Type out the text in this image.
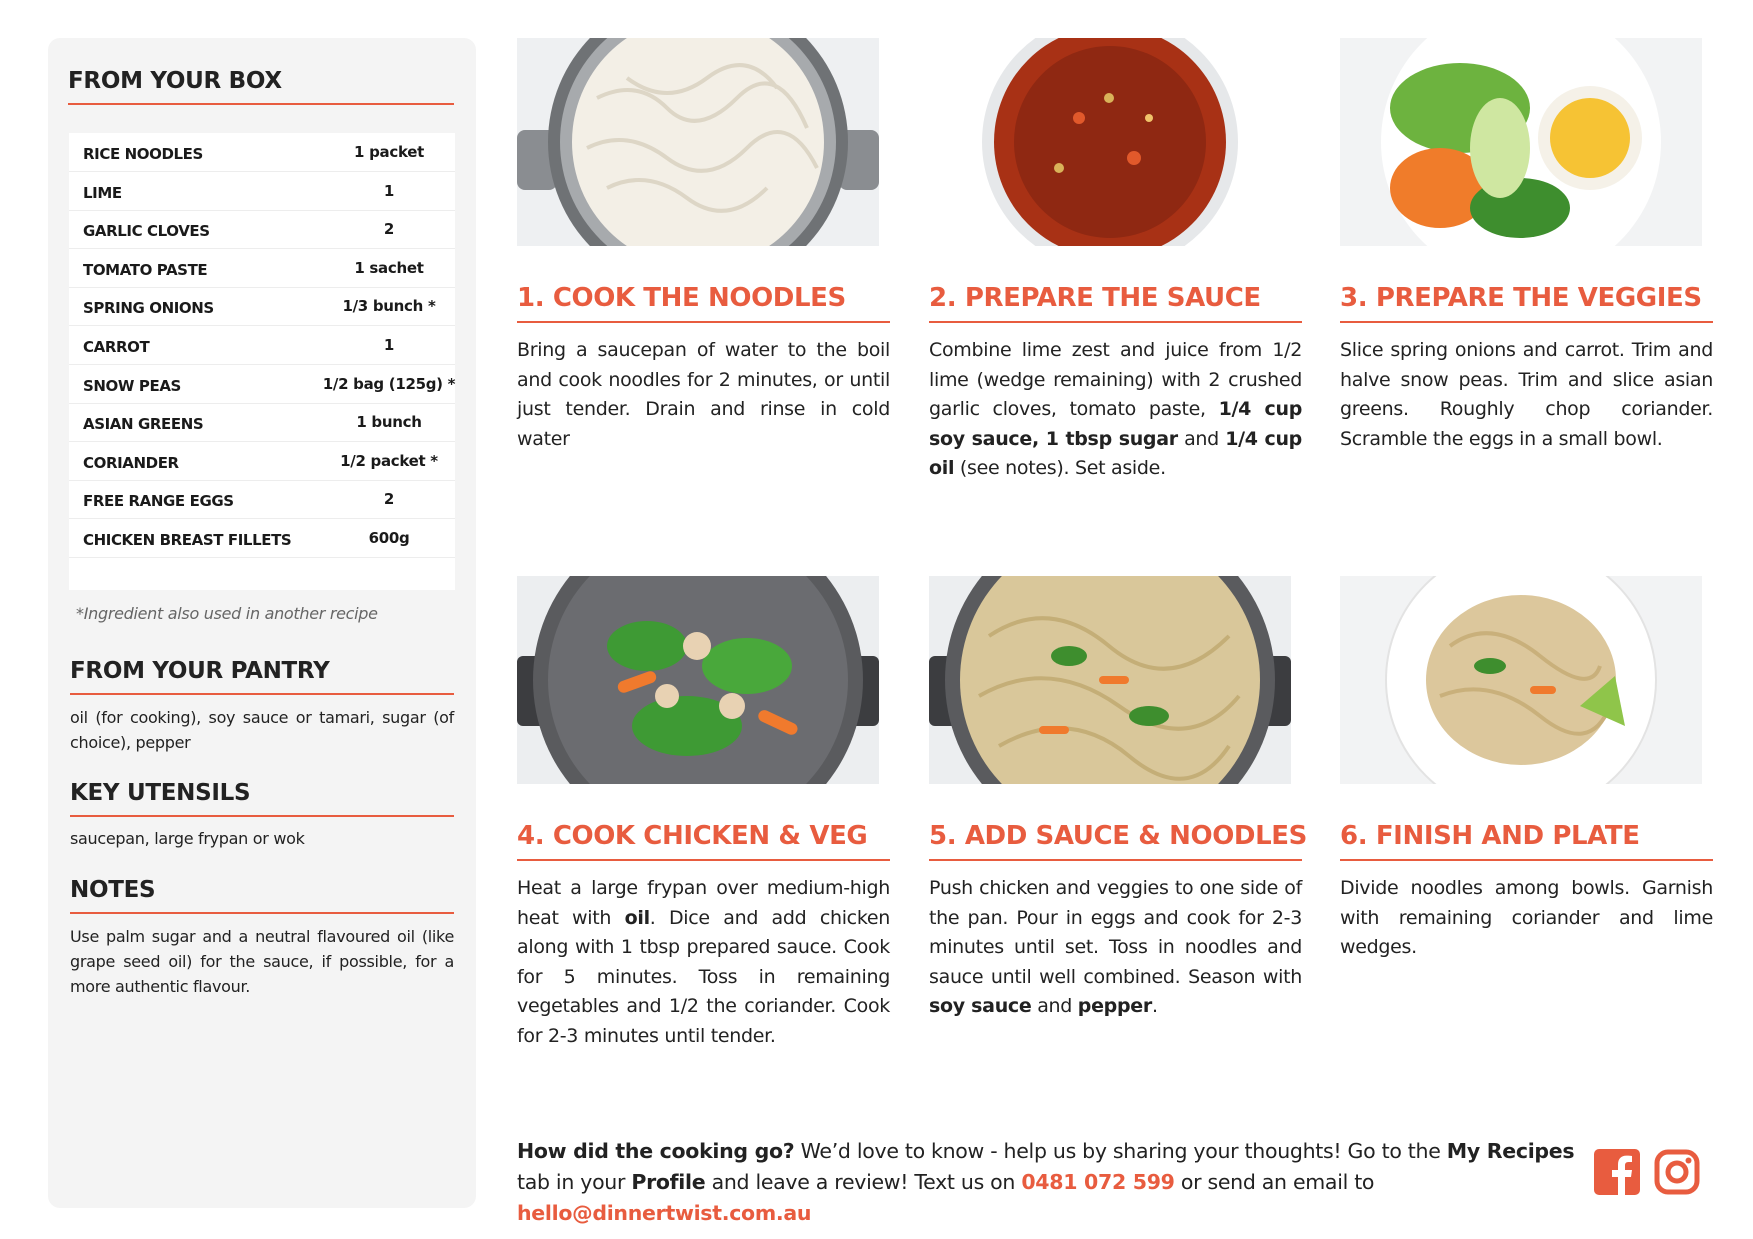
FROM YOUR BOX
RICE NOODLES	1 packet
LIME	1
GARLIC CLOVES	2
TOMATO PASTE	1 sachet
SPRING ONIONS	1/3 bunch *
CARROT	1
SNOW PEAS	1/2 bag (125g) *
ASIAN GREENS	1 bunch
CORIANDER	1/2 packet *
FREE RANGE EGGS	2
CHICKEN BREAST FILLETS	600g
*Ingredient also used in another recipe
FROM YOUR PANTRY
oil (for cooking), soy sauce or tamari, sugar (of choice), pepper
KEY UTENSILS
saucepan, large frypan or wok
NOTES
Use palm sugar and a neutral flavoured oil (like grape seed oil) for the sauce, if possible, for a more authentic flavour.
1. COOK THE NOODLES
Bring a saucepan of water to the boil and cook noodles for 2 minutes, or until just tender. Drain and rinse in cold water
2. PREPARE THE SAUCE
Combine lime zest and juice from 1/2 lime (wedge remaining) with 2 crushed garlic cloves, tomato paste, 1/4 cup soy sauce, 1 tbsp sugar and 1/4 cup oil (see notes). Set aside.
3. PREPARE THE VEGGIES
Slice spring onions and carrot. Trim and halve snow peas. Trim and slice asian greens. Roughly chop coriander. Scramble the eggs in a small bowl.
4. COOK CHICKEN & VEG
Heat a large frypan over medium-high heat with oil. Dice and add chicken along with 1 tbsp prepared sauce. Cook for 5 minutes. Toss in remaining vegetables and 1/2 the coriander. Cook for 2-3 minutes until tender.
5. ADD SAUCE & NOODLES
Push chicken and veggies to one side of the pan. Pour in eggs and cook for 2-3 minutes until set. Toss in noodles and sauce until well combined. Season with soy sauce and pepper.
6. FINISH AND PLATE
Divide noodles among bowls. Garnish with remaining coriander and lime wedges.
How did the cooking go? We’d love to know - help us by sharing your thoughts! Go to the My Recipes tab in your Profile and leave a review! Text us on 0481 072 599 or send an email to hello@dinnertwist.com.au
